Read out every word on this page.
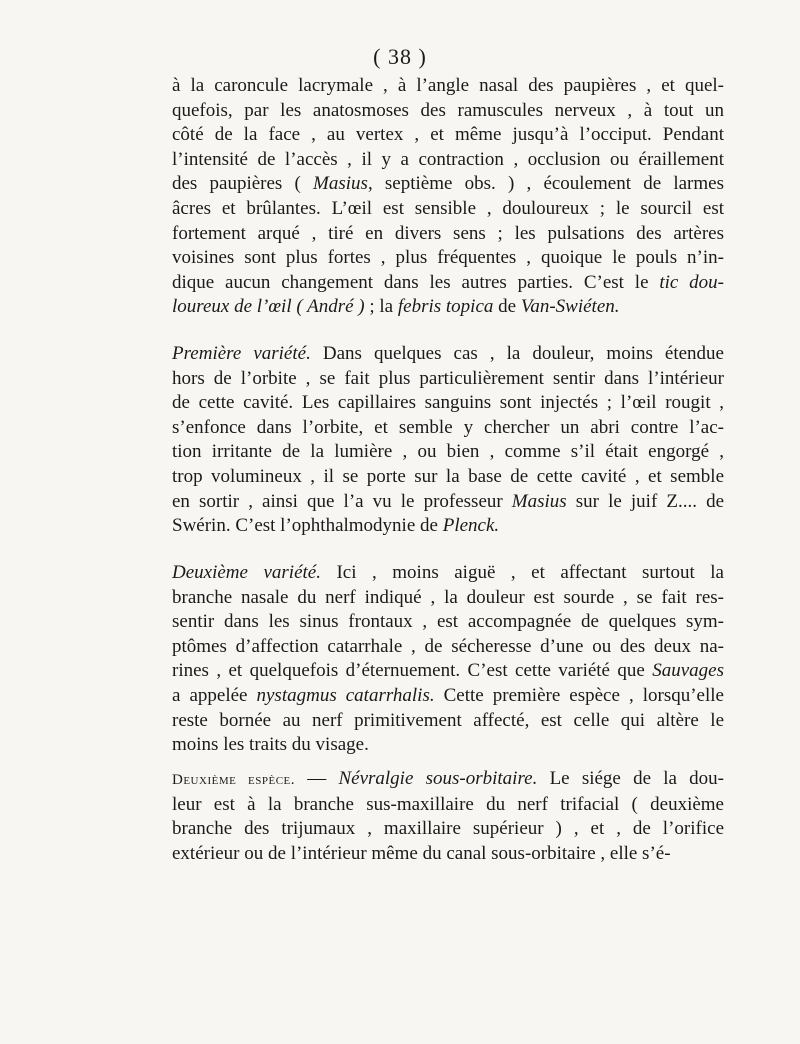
( 38 )
à la caroncule lacrymale , à l’angle nasal des paupières , et quel-
quefois, par les anatosmoses des ramuscules nerveux , à tout un
côté de la face , au vertex , et même jusqu’à l’occiput. Pendant
l’intensité de l’accès , il y a contraction , occlusion ou éraillement
des paupières ( Masius, septième obs. ) , écoulement de larmes
âcres et brûlantes. L’œil est sensible , douloureux ; le sourcil est
fortement arqué , tiré en divers sens ; les pulsations des artères
voisines sont plus fortes , plus fréquentes , quoique le pouls n’in-
dique aucun changement dans les autres parties. C’est le tic dou-
loureux de l’œil ( André ) ; la febris topica de Van-Swiéten.
Première variété. Dans quelques cas , la douleur, moins étendue
hors de l’orbite , se fait plus particulièrement sentir dans l’intérieur
de cette cavité. Les capillaires sanguins sont injectés ; l’œil rougit ,
s’enfonce dans l’orbite, et semble y chercher un abri contre l’ac-
tion irritante de la lumière , ou bien , comme s’il était engorgé ,
trop volumineux , il se porte sur la base de cette cavité , et semble
en sortir , ainsi que l’a vu le professeur Masius sur le juif Z.... de
Swérin. C’est l’ophthalmodynie de Plenck.
Deuxième variété. Ici , moins aiguë , et affectant surtout la
branche nasale du nerf indiqué , la douleur est sourde , se fait res-
sentir dans les sinus frontaux , est accompagnée de quelques sym-
ptômes d’affection catarrhale , de sécheresse d’une ou des deux na-
rines , et quelquefois d’éternuement. C’est cette variété que Sauvages
a appelée nystagmus catarrhalis. Cette première espèce , lorsqu’elle
reste bornée au nerf primitivement affecté, est celle qui altère le
moins les traits du visage.
Deuxième espèce. — Névralgie sous-orbitaire. Le siége de la dou-
leur est à la branche sus-maxillaire du nerf trifacial ( deuxième
branche des trijumaux , maxillaire supérieur ) , et , de l’orifice
extérieur ou de l’intérieur même du canal sous-orbitaire , elle s’é-
